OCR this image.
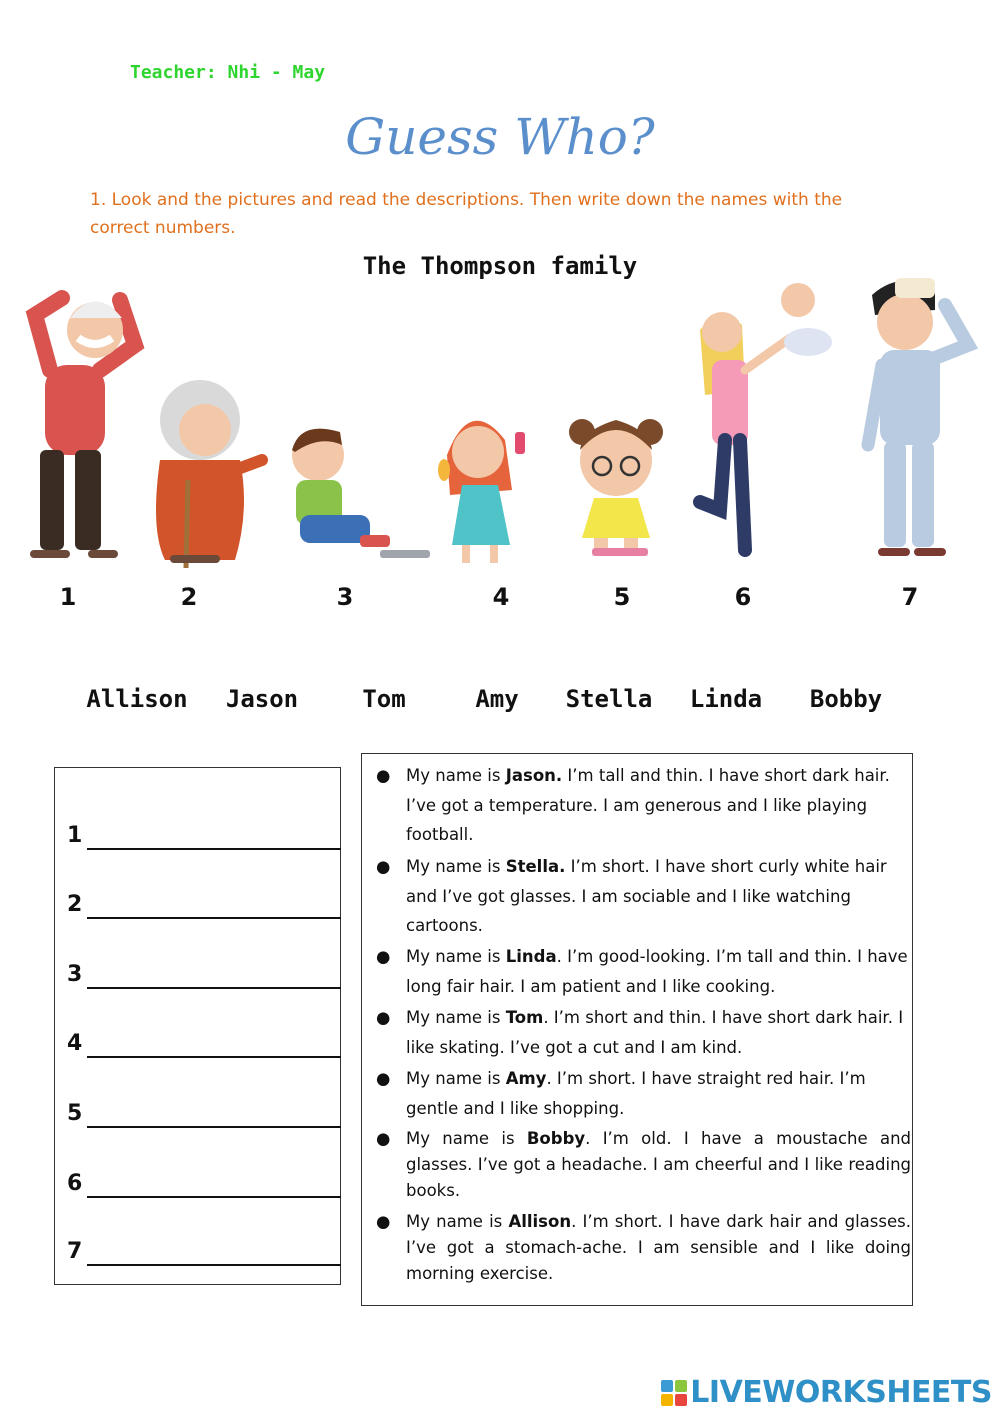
Teacher: Nhi - May
Guess Who?
1. Look and the pictures and read the descriptions. Then write down the names with the correct numbers.
The Thompson family
1	2	3	4	5	6	7
Allison Jason	Tom	Amy Stella Linda Bobby
1
2
3
4
5
6
7
● My name is Jason. I’m tall and thin. I have short dark hair. I’ve got a temperature. I am generous and I like playing football.
● My name is Stella. I’m short. I have short curly white hair and I’ve got glasses. I am sociable and I like watching cartoons.
● My name is Linda. I’m good-looking. I’m tall and thin. I have long fair hair. I am patient and I like cooking.
● My name is Tom. I’m short and thin. I have short dark hair. I like skating. I’ve got a cut and I am kind.
● My name is Amy. I’m short. I have straight red hair. I’m gentle and I like shopping.
● My name is Bobby. I’m old. I have a moustache and glasses. I’ve got a headache. I am cheerful and I like reading books.
● My name is Allison. I’m short. I have dark hair and glasses. I’ve got a stomach-ache. I am sensible and I like doing morning exercise.
LIVEWORKSHEETS
